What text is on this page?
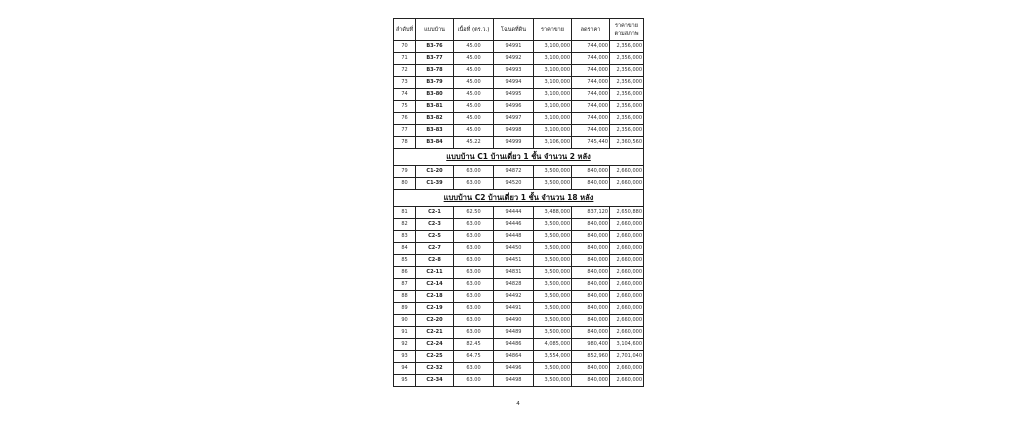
ลำดับที่	แบบบ้าน	เนื้อที่ (ตร.ว.)	โฉนดที่ดิน	ราคาขาย	ลดราคา	ราคาขาย ตามสภาพ
70	B3-76	45.00	94991	3,100,000	744,000	2,356,000
71	B3-77	45.00	94992	3,100,000	744,000	2,356,000
72	B3-78	45.00	94993	3,100,000	744,000	2,356,000
73	B3-79	45.00	94994	3,100,000	744,000	2,356,000
74	B3-80	45.00	94995	3,100,000	744,000	2,356,000
75	B3-81	45.00	94996	3,100,000	744,000	2,356,000
76	B3-82	45.00	94997	3,100,000	744,000	2,356,000
77	B3-83	45.00	94998	3,100,000	744,000	2,356,000
78	B3-84	45.22	94999	3,106,000	745,440	2,360,560
แบบบ้าน C1 บ้านเดี่ยว 1 ชั้น จำนวน 2 หลัง						
79	C1-20	63.00	94872	3,500,000	840,000	2,660,000
80	C1-39	63.00	94520	3,500,000	840,000	2,660,000
แบบบ้าน C2 บ้านเดี่ยว 1 ชั้น จำนวน 18 หลัง						
81	C2-1	62.50	94444	3,488,000	837,120	2,650,880
82	C2-3	63.00	94446	3,500,000	840,000	2,660,000
83	C2-5	63.00	94448	3,500,000	840,000	2,660,000
84	C2-7	63.00	94450	3,500,000	840,000	2,660,000
85	C2-8	63.00	94451	3,500,000	840,000	2,660,000
86	C2-11	63.00	94831	3,500,000	840,000	2,660,000
87	C2-14	63.00	94828	3,500,000	840,000	2,660,000
88	C2-18	63.00	94492	3,500,000	840,000	2,660,000
89	C2-19	63.00	94491	3,500,000	840,000	2,660,000
90	C2-20	63.00	94490	3,500,000	840,000	2,660,000
91	C2-21	63.00	94489	3,500,000	840,000	2,660,000
92	C2-24	82.45	94486	4,085,000	980,400	3,104,600
93	C2-25	64.75	94864	3,554,000	852,960	2,701,040
94	C2-32	63.00	94496	3,500,000	840,000	2,660,000
95	C2-34	63.00	94498	3,500,000	840,000	2,660,000
4
